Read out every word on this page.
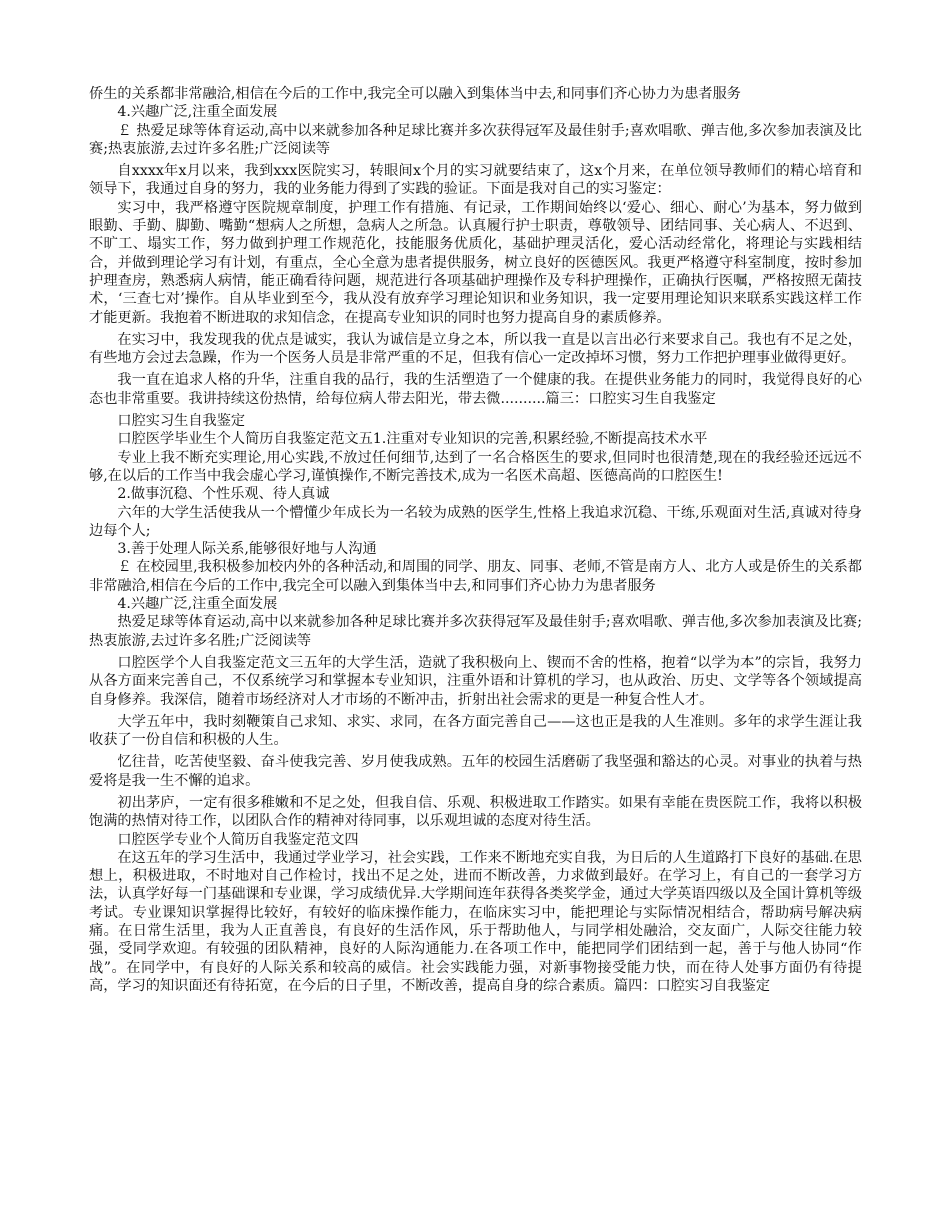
侨生的关系都非常融洽,相信在今后的工作中,我完全可以融入到集体当中去,和同事们齐心协力为患者服务

4.兴趣广泛,注重全面发展

￡ 热爱足球等体育运动,高中以来就参加各种足球比赛并多次获得冠军及最佳射手;喜欢唱歌、弹吉他,多次参加表演及比赛;热衷旅游,去过许多名胜;广泛阅读等

自xxxx年x月以来，我到xxx医院实习，转眼间x个月的实习就要结束了，这x个月来，在单位领导教师们的精心培育和领导下，我通过自身的努力，我的业务能力得到了实践的验证。下面是我对自己的实习鉴定：

实习中，我严格遵守医院规章制度，护理工作有措施、有记录，工作期间始终以‘爱心、细心、耐心’为基本，努力做到眼勤、手勤、脚勤、嘴勤“想病人之所想，急病人之所急。认真履行护士职责，尊敬领导、团结同事、关心病人、不迟到、不旷工、塌实工作，努力做到护理工作规范化，技能服务优质化，基础护理灵活化，爱心活动经常化，将理论与实践相结合，并做到理论学习有计划，有重点，全心全意为患者提供服务，树立良好的医德医风。我更严格遵守科室制度，按时参加护理查房，熟悉病人病情，能正确看待问题，规范进行各项基础护理操作及专科护理操作，正确执行医嘱，严格按照无菌技术，‘三查七对’操作。自从毕业到至今，我从没有放弃学习理论知识和业务知识，我一定要用理论知识来联系实践这样工作才能更新。我抱着不断进取的求知信念，在提高专业知识的同时也努力提高自身的素质修养。

在实习中，我发现我的优点是诚实，我认为诚信是立身之本，所以我一直是以言出必行来要求自己。我也有不足之处，有些地方会过去急躁，作为一个医务人员是非常严重的不足，但我有信心一定改掉坏习惯，努力工作把护理事业做得更好。

我一直在追求人格的升华，注重自我的品行，我的生活塑造了一个健康的我。在提供业务能力的同时，我觉得良好的心态也非常重要。我讲持续这份热情，给每位病人带去阳光，带去微..........篇三：口腔实习生自我鉴定

口腔实习生自我鉴定

口腔医学毕业生个人简历自我鉴定范文五1.注重对专业知识的完善,积累经验,不断提高技术水平

专业上我不断充实理论,用心实践,不放过任何细节,达到了一名合格医生的要求,但同时也很清楚,现在的我经验还远远不够,在以后的工作当中我会虚心学习,谨慎操作,不断完善技术,成为一名医术高超、医德高尚的口腔医生!

2.做事沉稳、个性乐观、待人真诚

六年的大学生活使我从一个懵懂少年成长为一名较为成熟的医学生,性格上我追求沉稳、干练,乐观面对生活,真诚对待身边每个人;

3.善于处理人际关系,能够很好地与人沟通

￡ 在校园里,我积极参加校内外的各种活动,和周围的同学、朋友、同事、老师,不管是南方人、北方人或是侨生的关系都非常融洽,相信在今后的工作中,我完全可以融入到集体当中去,和同事们齐心协力为患者服务

4.兴趣广泛,注重全面发展

热爱足球等体育运动,高中以来就参加各种足球比赛并多次获得冠军及最佳射手;喜欢唱歌、弹吉他,多次参加表演及比赛;热衷旅游,去过许多名胜;广泛阅读等

口腔医学个人自我鉴定范文三五年的大学生活，造就了我积极向上、锲而不舍的性格，抱着“以学为本”的宗旨，我努力从各方面来完善自己，不仅系统学习和掌握本专业知识，注重外语和计算机的学习，也从政治、历史、文学等各个领域提高自身修养。我深信，随着市场经济对人才市场的不断冲击，折射出社会需求的更是一种复合性人才。

大学五年中，我时刻鞭策自己求知、求实、求同，在各方面完善自己——这也正是我的人生准则。多年的求学生涯让我收获了一份自信和积极的人生。

忆往昔，吃苦使坚毅、奋斗使我完善、岁月使我成熟。五年的校园生活磨砺了我坚强和豁达的心灵。对事业的执着与热爱将是我一生不懈的追求。

初出茅庐，一定有很多稚嫩和不足之处，但我自信、乐观、积极进取工作踏实。如果有幸能在贵医院工作，我将以积极饱满的热情对待工作，以团队合作的精神对待同事，以乐观坦诚的态度对待生活。

口腔医学专业个人简历自我鉴定范文四

在这五年的学习生活中，我通过学业学习，社会实践，工作来不断地充实自我，为日后的人生道路打下良好的基础.在思想上，积极进取，不时地对自己作检讨，找出不足之处，进而不断改善，力求做到最好。在学习上，有自己的一套学习方法，认真学好每一门基础课和专业课，学习成绩优异.大学期间连年获得各类奖学金，通过大学英语四级以及全国计算机等级考试。专业课知识掌握得比较好，有较好的临床操作能力，在临床实习中，能把理论与实际情况相结合，帮助病号解决病痛。在日常生活里，我为人正直善良，有良好的生活作风，乐于帮助他人，与同学相处融洽，交友面广，人际交往能力较强，受同学欢迎。有较强的团队精神，良好的人际沟通能力.在各项工作中，能把同学们团结到一起，善于与他人协同“作战”。在同学中，有良好的人际关系和较高的威信。社会实践能力强，对新事物接受能力快，而在待人处事方面仍有待提高，学习的知识面还有待拓宽，在今后的日子里，不断改善，提高自身的综合素质。篇四：口腔实习自我鉴定
